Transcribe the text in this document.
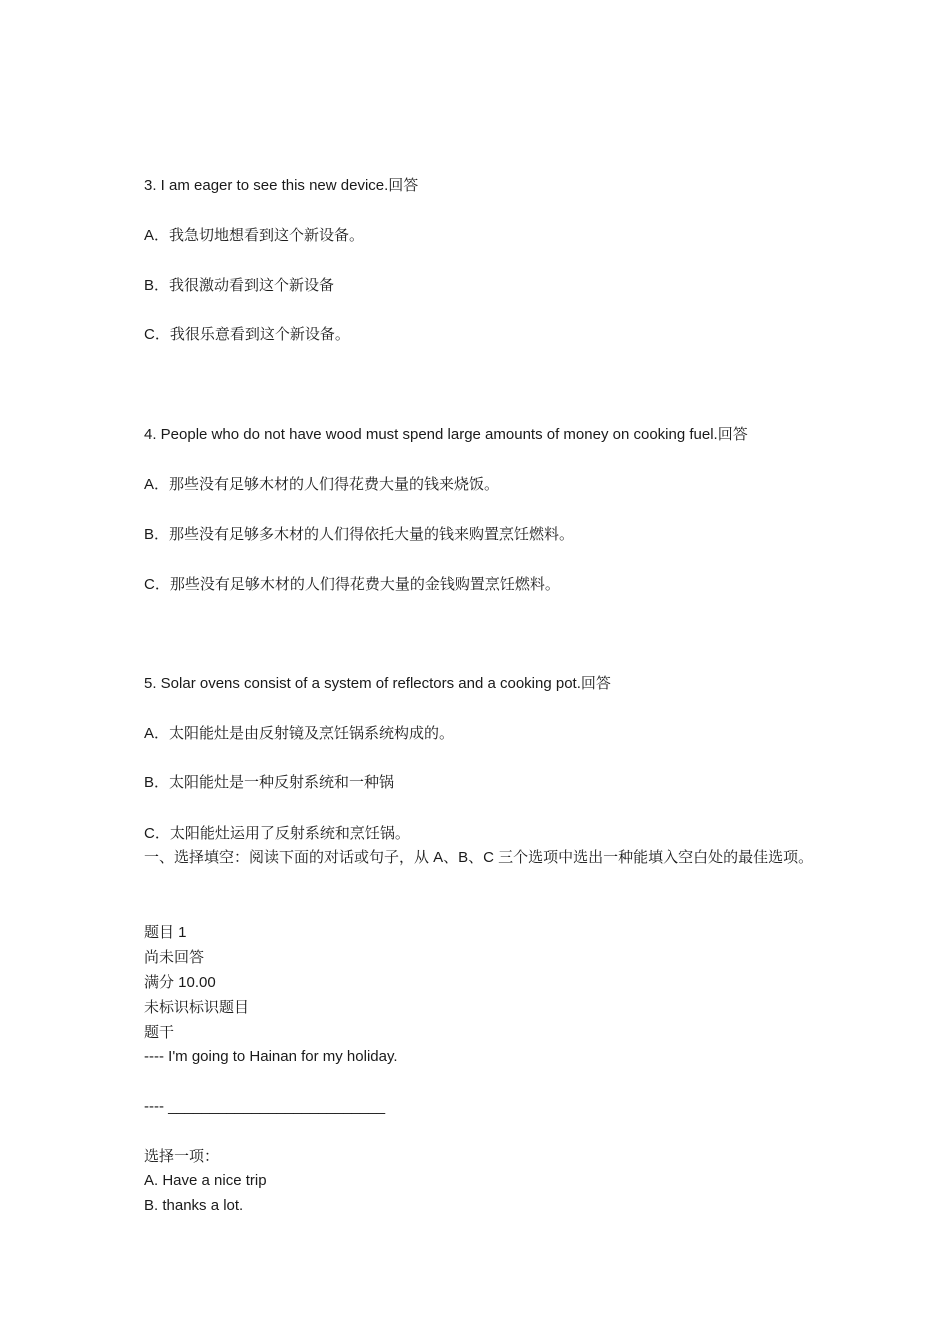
3. I am eager to see this new device.回答
A．我急切地想看到这个新设备。
B．我很激动看到这个新设备
C．我很乐意看到这个新设备。
4. People who do not have wood must spend large amounts of money on cooking fuel.回答
A．那些没有足够木材的人们得花费大量的钱来烧饭。
B．那些没有足够多木材的人们得依托大量的钱来购置烹饪燃料。
C．那些没有足够木材的人们得花费大量的金钱购置烹饪燃料。
5. Solar ovens consist of a system of reflectors and a cooking pot.回答
A．太阳能灶是由反射镜及烹饪锅系统构成的。
B．太阳能灶是一种反射系统和一种锅
C．太阳能灶运用了反射系统和烹饪锅。
一、选择填空：阅读下面的对话或句子，从 A、B、C 三个选项中选出一种能填入空白处的最佳选项。
题目 1
尚未回答
满分 10.00
未标识标识题目
题干
---- I'm going to Hainan for my holiday.
---- __________________________
选择一项：
A. Have a nice trip
B. thanks a lot.
